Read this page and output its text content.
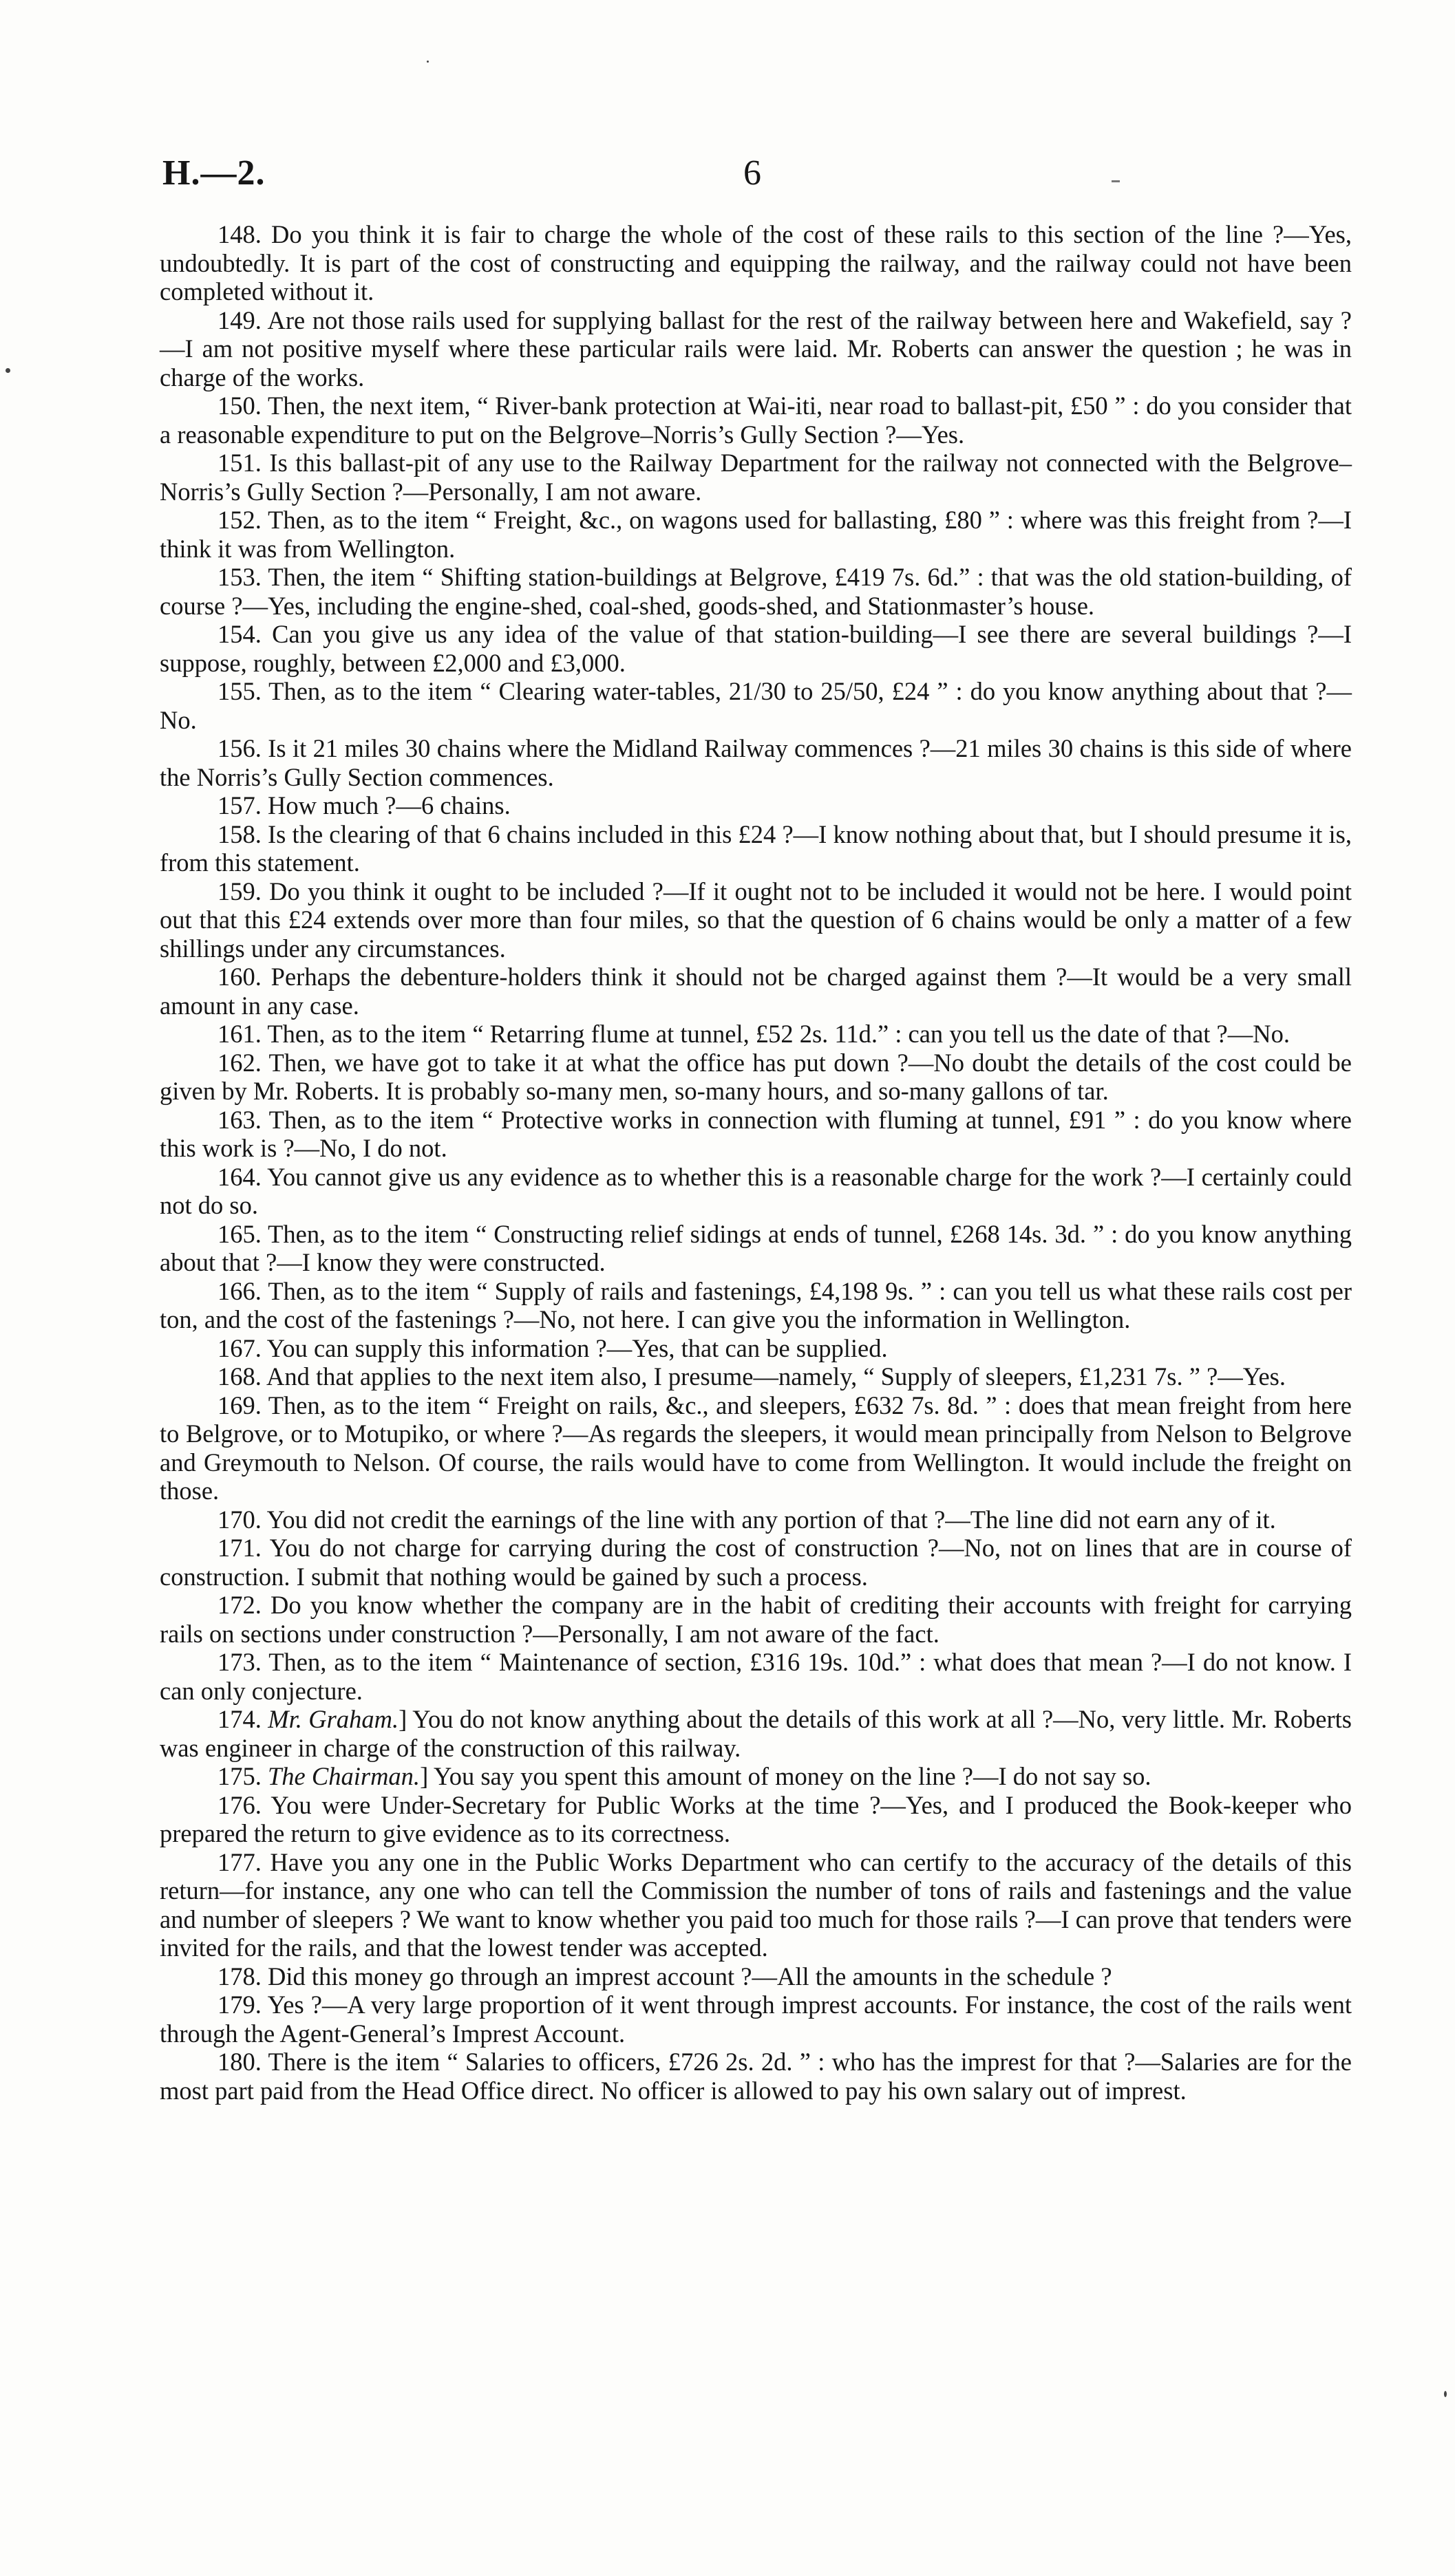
H.—2.	6

148. Do you think it is fair to charge the whole of the cost of these rails to this section of the line ?—Yes, undoubtedly. It is part of the cost of constructing and equipping the railway, and the railway could not have been completed without it.

149. Are not those rails used for supplying ballast for the rest of the railway between here and Wakefield, say ?—I am not positive myself where these particular rails were laid. Mr. Roberts can answer the question ; he was in charge of the works.

150. Then, the next item, “ River-bank protection at Wai-iti, near road to ballast-pit, £50 ” : do you consider that a reasonable expenditure to put on the Belgrove–Norris’s Gully Section ?—Yes.

151. Is this ballast-pit of any use to the Railway Department for the railway not connected with the Belgrove–Norris’s Gully Section ?—Personally, I am not aware.

152. Then, as to the item “ Freight, &c., on wagons used for ballasting, £80 ” : where was this freight from ?—I think it was from Wellington.

153. Then, the item “ Shifting station-buildings at Belgrove, £419 7s. 6d.” : that was the old station-building, of course ?—Yes, including the engine-shed, coal-shed, goods-shed, and Stationmaster’s house.

154. Can you give us any idea of the value of that station-building—I see there are several buildings ?—I suppose, roughly, between £2,000 and £3,000.

155. Then, as to the item “ Clearing water-tables, 21/30 to 25/50, £24 ” : do you know anything about that ?—No.

156. Is it 21 miles 30 chains where the Midland Railway commences ?—21 miles 30 chains is this side of where the Norris’s Gully Section commences.

157. How much ?—6 chains.

158. Is the clearing of that 6 chains included in this £24 ?—I know nothing about that, but I should presume it is, from this statement.

159. Do you think it ought to be included ?—If it ought not to be included it would not be here. I would point out that this £24 extends over more than four miles, so that the question of 6 chains would be only a matter of a few shillings under any circumstances.

160. Perhaps the debenture-holders think it should not be charged against them ?—It would be a very small amount in any case.

161. Then, as to the item “ Retarring flume at tunnel, £52 2s. 11d.” : can you tell us the date of that ?—No.

162. Then, we have got to take it at what the office has put down ?—No doubt the details of the cost could be given by Mr. Roberts. It is probably so-many men, so-many hours, and so-many gallons of tar.

163. Then, as to the item “ Protective works in connection with fluming at tunnel, £91 ” : do you know where this work is ?—No, I do not.

164. You cannot give us any evidence as to whether this is a reasonable charge for the work ?—I certainly could not do so.

165. Then, as to the item “ Constructing relief sidings at ends of tunnel, £268 14s. 3d. ” : do you know anything about that ?—I know they were constructed.

166. Then, as to the item “ Supply of rails and fastenings, £4,198 9s. ” : can you tell us what these rails cost per ton, and the cost of the fastenings ?—No, not here. I can give you the information in Wellington.

167. You can supply this information ?—Yes, that can be supplied.

168. And that applies to the next item also, I presume—namely, “ Supply of sleepers, £1,231 7s. ” ?—Yes.

169. Then, as to the item “ Freight on rails, &c., and sleepers, £632 7s. 8d. ” : does that mean freight from here to Belgrove, or to Motupiko, or where ?—As regards the sleepers, it would mean principally from Nelson to Belgrove and Greymouth to Nelson. Of course, the rails would have to come from Wellington. It would include the freight on those.

170. You did not credit the earnings of the line with any portion of that ?—The line did not earn any of it.

171. You do not charge for carrying during the cost of construction ?—No, not on lines that are in course of construction. I submit that nothing would be gained by such a process.

172. Do you know whether the company are in the habit of crediting their accounts with freight for carrying rails on sections under construction ?—Personally, I am not aware of the fact.

173. Then, as to the item “ Maintenance of section, £316 19s. 10d.” : what does that mean ?—I do not know. I can only conjecture.

174. Mr. Graham.] You do not know anything about the details of this work at all ?—No, very little. Mr. Roberts was engineer in charge of the construction of this railway.

175. The Chairman.] You say you spent this amount of money on the line ?—I do not say so.

176. You were Under-Secretary for Public Works at the time ?—Yes, and I produced the Book-keeper who prepared the return to give evidence as to its correctness.

177. Have you any one in the Public Works Department who can certify to the accuracy of the details of this return—for instance, any one who can tell the Commission the number of tons of rails and fastenings and the value and number of sleepers ? We want to know whether you paid too much for those rails ?—I can prove that tenders were invited for the rails, and that the lowest tender was accepted.

178. Did this money go through an imprest account ?—All the amounts in the schedule ?

179. Yes ?—A very large proportion of it went through imprest accounts. For instance, the cost of the rails went through the Agent-General’s Imprest Account.

180. There is the item “ Salaries to officers, £726 2s. 2d. ” : who has the imprest for that ?—Salaries are for the most part paid from the Head Office direct. No officer is allowed to pay his own salary out of imprest.
